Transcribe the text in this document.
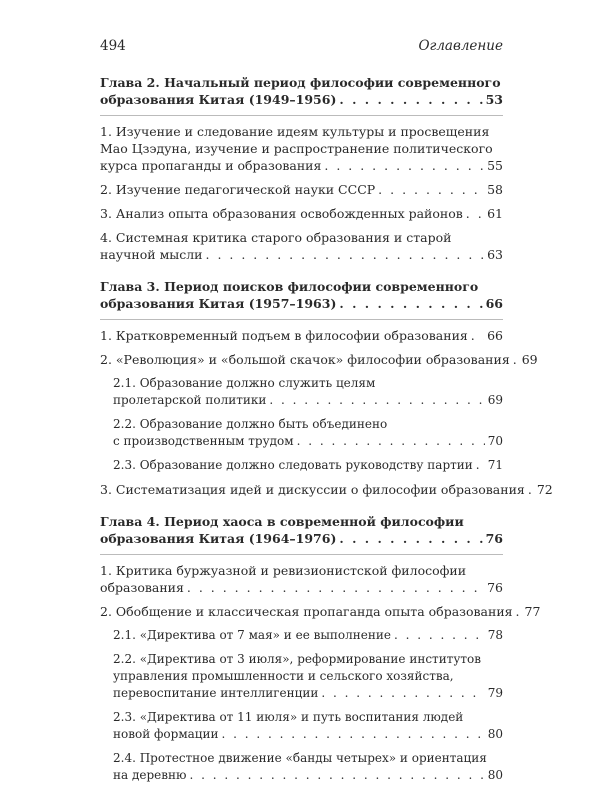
494	Оглавление
Глава 2. Начальный период философии современного
образования Китая (1949–1956) . . .	53
1. Изучение и следование идеям культуры и просвещения
Мао Цзэдуна, изучение и распространение политического
курса пропаганды и образования . . .	55
2. Изучение педагогической науки СССР . . .	58
3. Анализ опыта образования освобожденных районов . . . 61
4. Системная критика старого образования и старой
научной мысли . . .	63
Глава 3. Период поисков философии современного
образования Китая (1957–1963) . . .	66
1. Кратковременный подъем в философии образования . . . 66
2. «Революция» и «большой скачок» философии образования . . . 69
2.1. Образование должно служить целям
пролетарской политики . . .	69
2.2. Образование должно быть объединено
с производственным трудом . . .	70
2.3. Образование должно следовать руководству партии . . . 71
3. Систематизация идей и дискуссии о философии образования . . . 72
Глава 4. Период хаоса в современной философии
образования Китая (1964–1976) . . .	76
1. Критика буржуазной и ревизионистской философии
образования . . .	76
2. Обобщение и классическая пропаганда опыта образования . . . 77
2.1. «Директива от 7 мая» и ее выполнение . . .	78
2.2. «Директива от 3 июля», реформирование институтов
управления промышленности и сельского хозяйства,
перевоспитание интеллигенции . . .	79
2.3. «Директива от 11 июля» и путь воспитания людей
новой формации . . .	80
2.4. Протестное движение «банды четырех» и ориентация
на деревню . . .	80
